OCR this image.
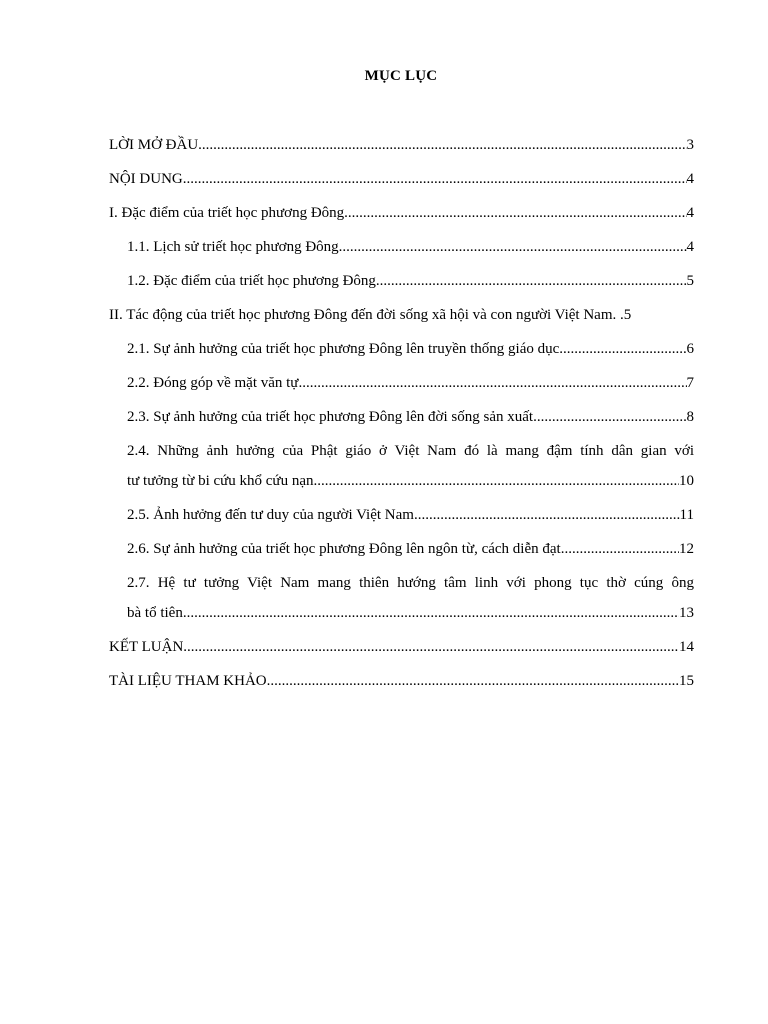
MỤC LỤC
LỜI MỞ ĐẦU .....	3
NỘI DUNG .....	4
I. Đặc điểm của triết học phương Đông .....	4
1.1. Lịch sử triết học phương Đông .....	4
1.2. Đặc điểm của triết học phương Đông .....	5
II. Tác động của triết học phương Đông đến đời sống xã hội và con người Việt Nam . . 5
2.1. Sự ảnh hưởng của triết học phương Đông lên truyền thống giáo dục .....	6
2.2. Đóng góp về mặt văn tự .....	7
2.3. Sự ảnh hưởng của triết học phương Đông lên đời sống sản xuất .....	8
2.4. Những ảnh hưởng của Phật giáo ở Việt Nam đó là mang đậm tính dân gian với
tư tưởng từ bi cứu khổ cứu nạn .....	10
2.5. Ảnh hưởng đến tư duy của người Việt Nam .....	11
2.6. Sự ảnh hưởng của triết học phương Đông lên ngôn từ, cách diễn đạt .....	12
2.7. Hệ tư tưởng Việt Nam mang thiên hướng tâm linh với phong tục thờ cúng ông
bà tổ tiên .....	13
KẾT LUẬN .....	14
TÀI LIỆU THAM KHẢO .....	15
